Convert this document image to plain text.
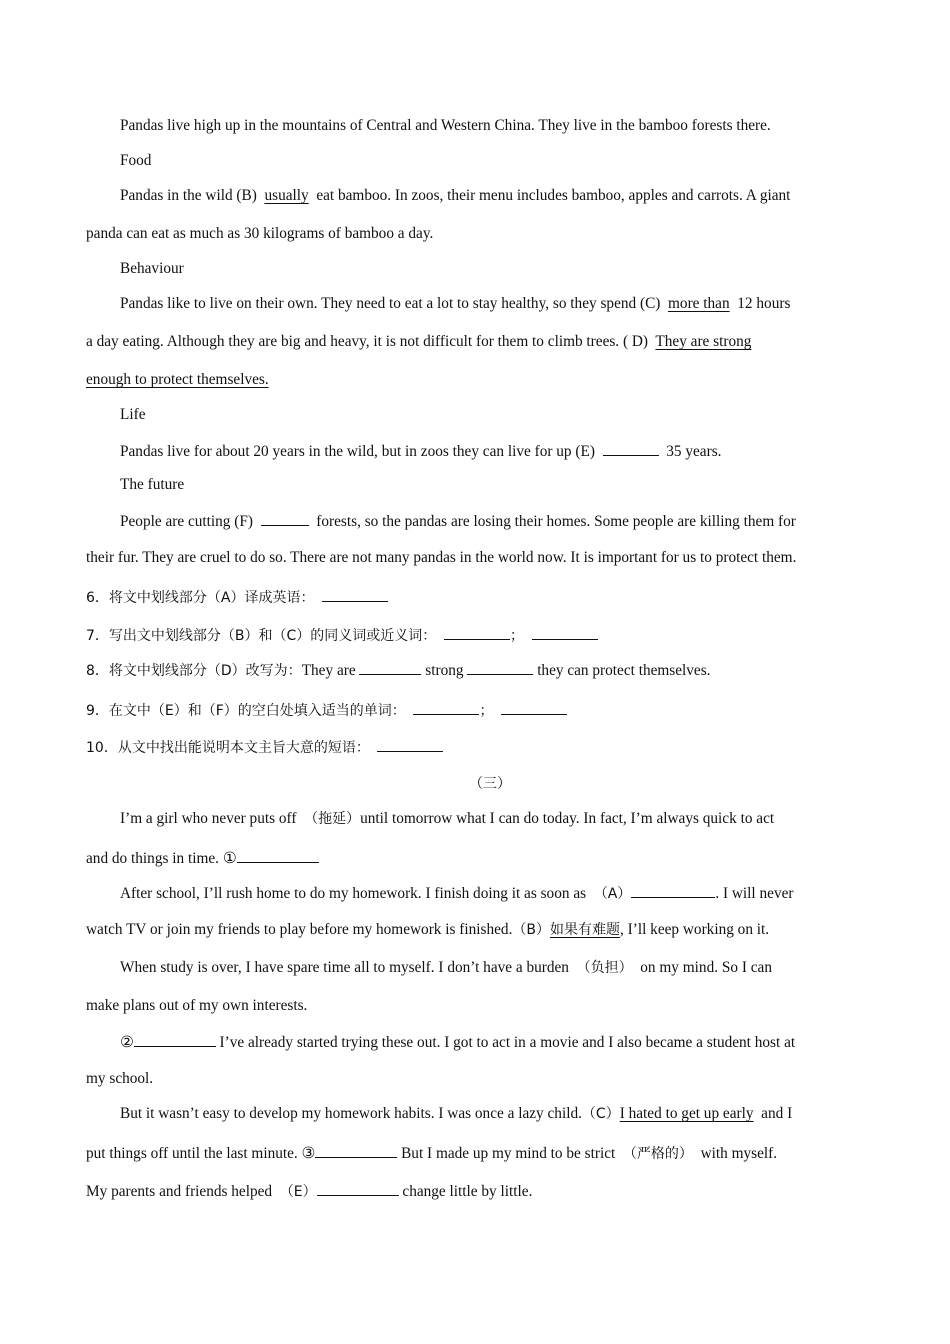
Pandas live high up in the mountains of Central and Western China. They live in the bamboo forests there.
Food
Pandas in the wild (B) usually eat bamboo. In zoos, their menu includes bamboo, apples and carrots. A giant
panda can eat as much as 30 kilograms of bamboo a day.
Behaviour
Pandas like to live on their own. They need to eat a lot to stay healthy, so they spend (C) more than 12 hours
a day eating. Although they are big and heavy, it is not difficult for them to climb trees. ( D) They are strong
enough to protect themselves.
Life
Pandas live for about 20 years in the wild, but in zoos they can live for up (E)	35 years.
The future
People are cutting (F)	forests, so the pandas are losing their homes. Some people are killing them for
their fur. They are cruel to do so. There are not many pandas in the world now. It is important for us to protect them.
6．将文中划线部分（A）译成英语：
7．写出文中划线部分（B）和（C）的同义词或近义词：	；
8．将文中划线部分（D）改写为：They are	strong	they can protect themselves.
9．在文中（E）和（F）的空白处填入适当的单词：	；
10．从文中找出能说明本文主旨大意的短语：
（三）
I’m a girl who never puts off （拖延）until tomorrow what I can do today. In fact, I’m always quick to act
and do things in time. ①
After school, I’ll rush home to do my homework. I finish doing it as soon as （A）	. I will never
watch TV or join my friends to play before my homework is finished.（B）如果有难题, I’ll keep working on it.
When study is over, I have spare time all to myself. I don’t have a burden （负担） on my mind. So I can
make plans out of my own interests.
②	I’ve already started trying these out. I got to act in a movie and I also became a student host at
my school.
But it wasn’t easy to develop my homework habits. I was once a lazy child.（C）I hated to get up early and I
put things off until the last minute. ③	But I made up my mind to be strict （严格的） with myself.
My parents and friends helped （E）	change little by little.
